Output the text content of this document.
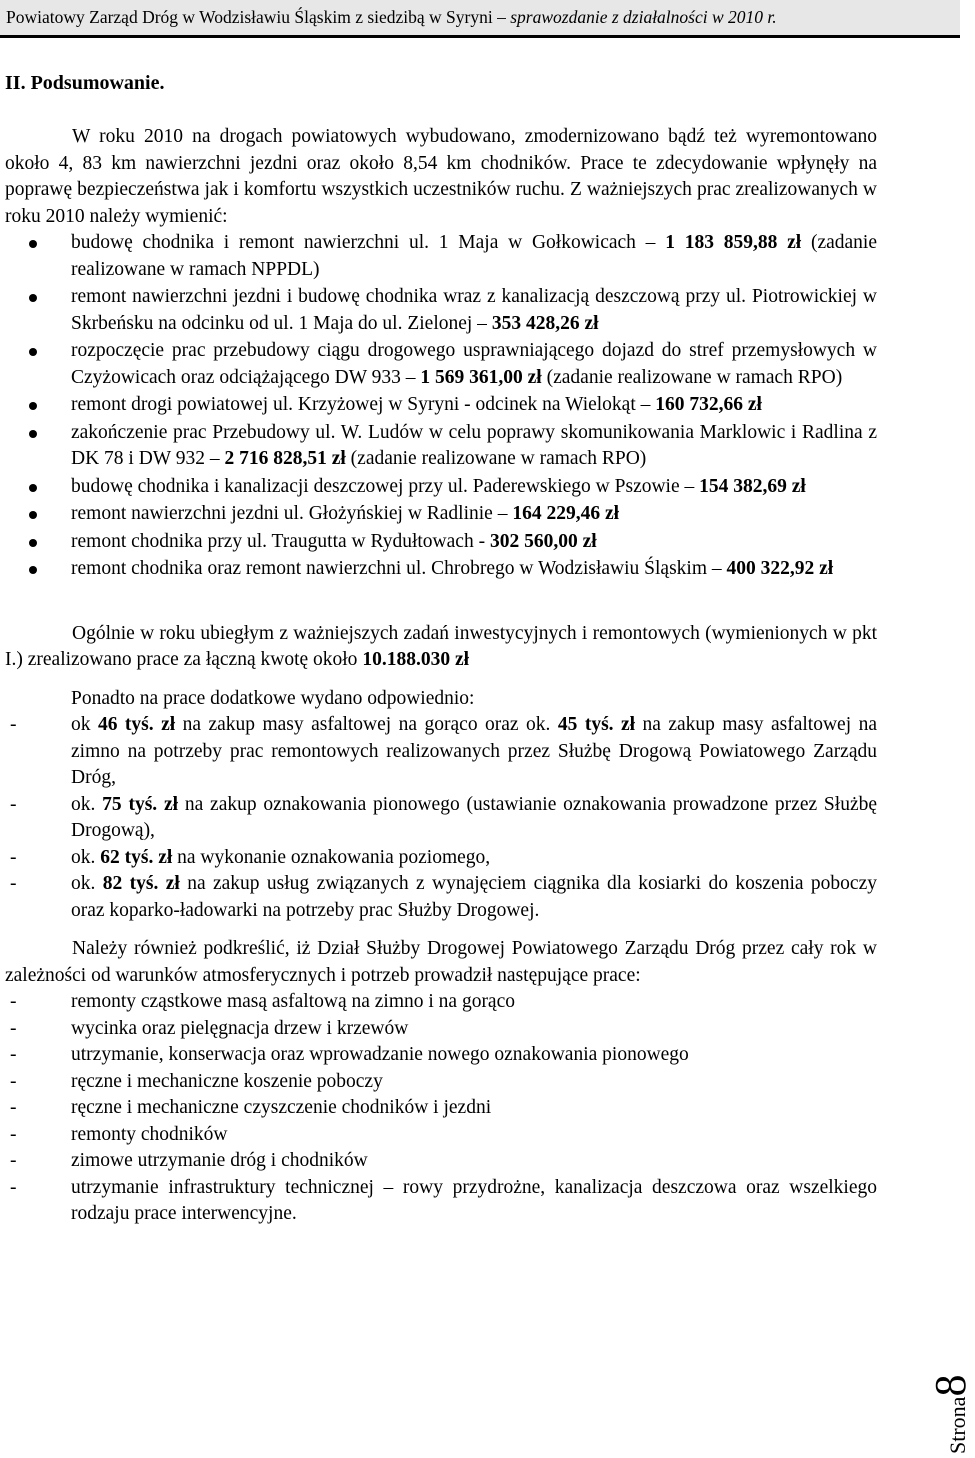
Powiatowy Zarząd Dróg w Wodzisławiu Śląskim z siedzibą w Syryni – sprawozdanie z działalności w 2010 r.
II. Podsumowanie.

W roku 2010 na drogach powiatowych wybudowano, zmodernizowano bądź też wyremontowano około 4, 83 km nawierzchni jezdni oraz około 8,54 km chodników. Prace te zdecydowanie wpłynęły na poprawę bezpieczeństwa jak i komfortu wszystkich uczestników ruchu. Z ważniejszych prac zrealizowanych w roku 2010 należy wymienić:

budowę chodnika i remont nawierzchni ul. 1 Maja w Gołkowicach – 1 183 859,88 zł (zadanie realizowane w ramach NPPDL)
remont nawierzchni jezdni i budowę chodnika wraz z kanalizacją deszczową przy ul. Piotrowickiej w Skrbeńsku na odcinku od ul. 1 Maja do ul. Zielonej – 353 428,26 zł
rozpoczęcie prac przebudowy ciągu drogowego usprawniającego dojazd do stref przemysłowych w Czyżowicach oraz odciążającego DW 933 – 1 569 361,00 zł (zadanie realizowane w ramach RPO)
remont drogi powiatowej ul. Krzyżowej w Syryni - odcinek na Wielokąt – 160 732,66 zł
zakończenie prac Przebudowy ul. W. Ludów w celu poprawy skomunikowania Marklowic i Radlina z DK 78 i DW 932 – 2 716 828,51 zł (zadanie realizowane w ramach RPO)
budowę chodnika i kanalizacji deszczowej przy ul. Paderewskiego w Pszowie – 154 382,69 zł
remont nawierzchni jezdni ul. Głożyńskiej w Radlinie – 164 229,46 zł
remont chodnika przy ul. Traugutta w Rydułtowach - 302 560,00 zł
remont chodnika oraz remont nawierzchni ul. Chrobrego w Wodzisławiu Śląskim – 400 322,92 zł

Ogólnie w roku ubiegłym z ważniejszych zadań inwestycyjnych i remontowych (wymienionych w pkt I.) zrealizowano prace za łączną kwotę około 10.188.030 zł

Ponadto na prace dodatkowe wydano odpowiednio:

- ok 46 tyś. zł na zakup masy asfaltowej na gorąco oraz ok. 45 tyś. zł na zakup masy asfaltowej na zimno na potrzeby prac remontowych realizowanych przez Służbę Drogową Powiatowego Zarządu Dróg,
- ok. 75 tyś. zł na zakup oznakowania pionowego (ustawianie oznakowania prowadzone przez Służbę Drogową),
- ok. 62 tyś. zł na wykonanie oznakowania poziomego,
- ok. 82 tyś. zł na zakup usług związanych z wynajęciem ciągnika dla kosiarki do koszenia poboczy oraz koparko-ładowarki na potrzeby prac Służby Drogowej.

Należy również podkreślić, iż Dział Służby Drogowej Powiatowego Zarządu Dróg przez cały rok w zależności od warunków atmosferycznych i potrzeb prowadził następujące prace:

- remonty cząstkowe masą asfaltową na zimno i na gorąco
- wycinka oraz pielęgnacja drzew i krzewów
- utrzymanie, konserwacja oraz wprowadzanie nowego oznakowania pionowego
- ręczne i mechaniczne koszenie poboczy
- ręczne i mechaniczne czyszczenie chodników i jezdni
- remonty chodników
- zimowe utrzymanie dróg i chodników
- utrzymanie infrastruktury technicznej – rowy przydrożne, kanalizacja deszczowa oraz wszelkiego rodzaju prace interwencyjne.
Strona8
